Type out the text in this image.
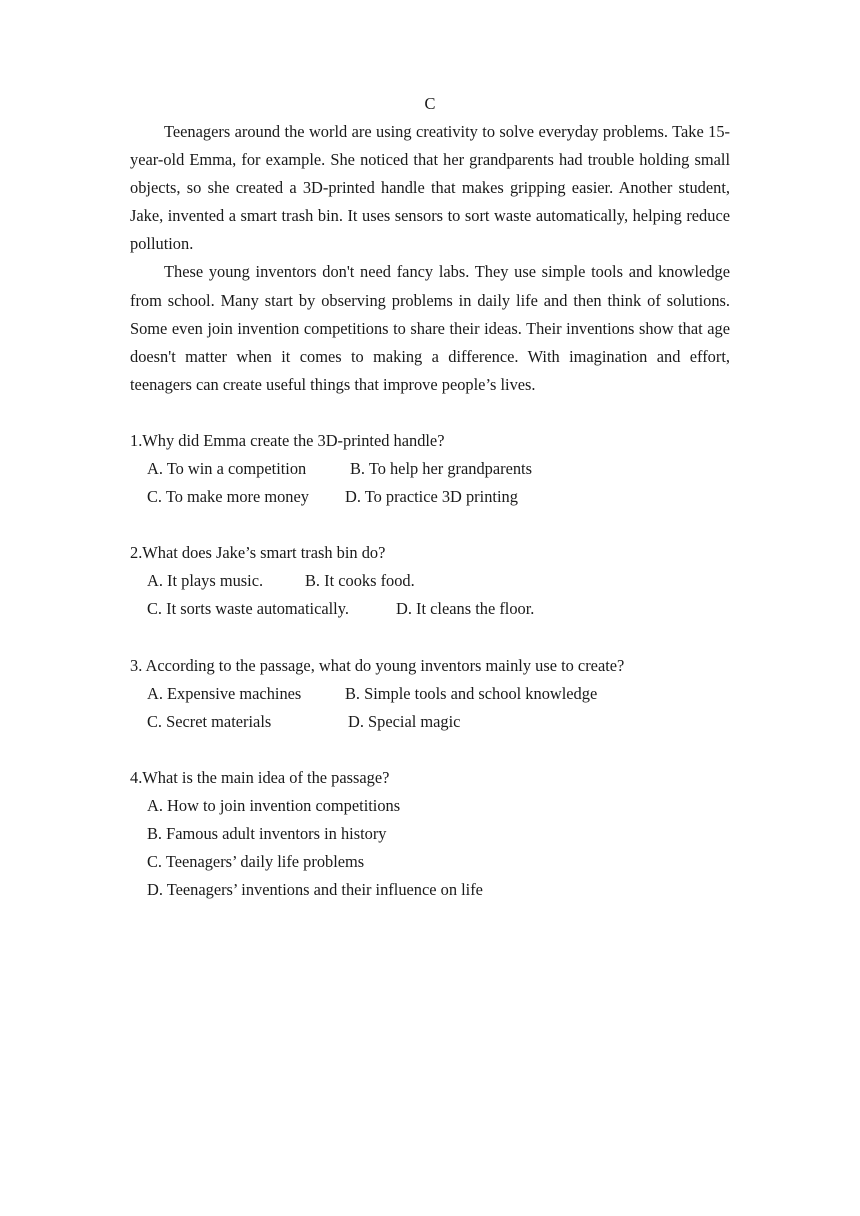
C

Teenagers around the world are using creativity to solve everyday problems. Take 15-year-old Emma, for example. She noticed that her grandparents had trouble holding small objects, so she created a 3D-printed handle that makes gripping easier. Another student, Jake, invented a smart trash bin. It uses sensors to sort waste automatically, helping reduce pollution.

These young inventors don't need fancy labs. They use simple tools and knowledge from school. Many start by observing problems in daily life and then think of solutions. Some even join invention competitions to share their ideas. Their inventions show that age doesn't matter when it comes to making a difference. With imagination and effort, teenagers can create useful things that improve people’s lives.

1.Why did Emma create the 3D-printed handle?

A. To win a competition	B. To help her grandparents

C. To make more money D. To practice 3D printing

2.What does Jake’s smart trash bin do?

A. It plays music.	B. It cooks food.

C. It sorts waste automatically.	D. It cleans the floor.

3. According to the passage, what do young inventors mainly use to create?

A. Expensive machines	B. Simple tools and school knowledge

C. Secret materials	D. Special magic

4.What is the main idea of the passage?

A. How to join invention competitions

B. Famous adult inventors in history

C. Teenagers’ daily life problems

D. Teenagers’ inventions and their influence on life
